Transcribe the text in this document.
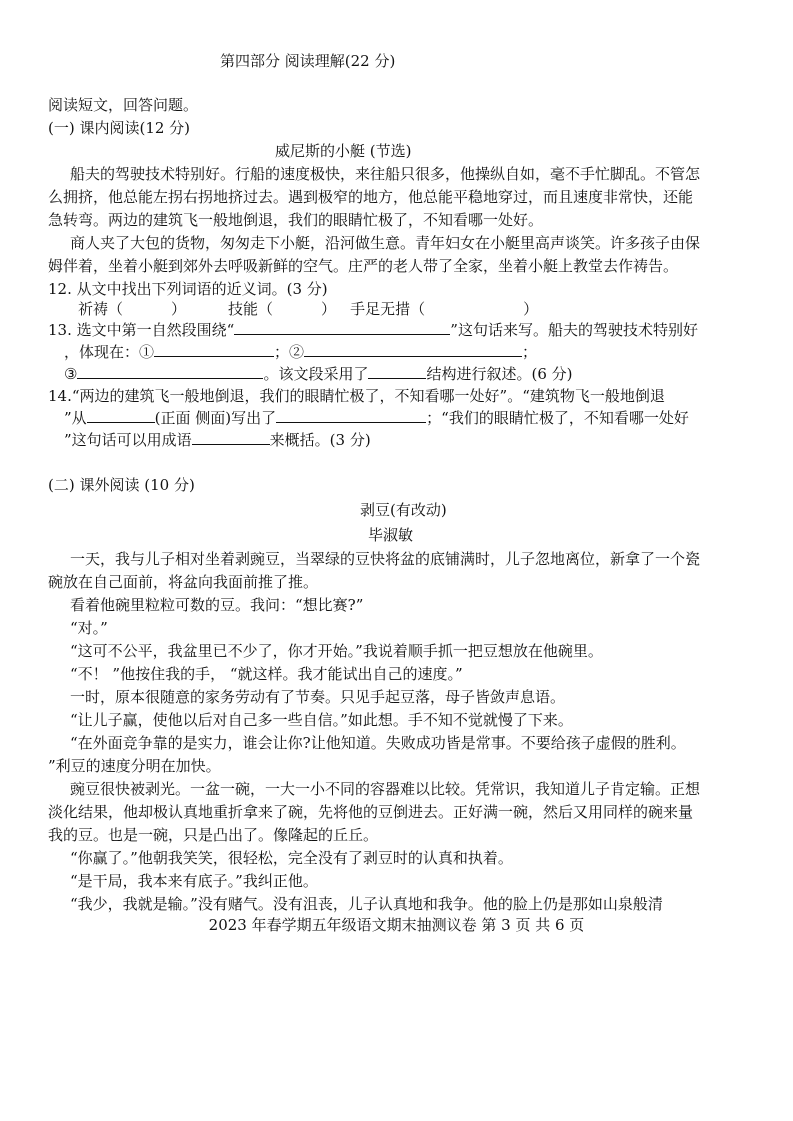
第四部分 阅读理解(22 分)
阅读短文，回答问题。
(一) 课内阅读(12 分)
威尼斯的小艇 (节选)
船夫的驾驶技术特别好。行船的速度极快，来往船只很多，他操纵自如，毫不手忙脚乱。不管怎
么拥挤，他总能左拐右拐地挤过去。遇到极窄的地方，他总能平稳地穿过，而且速度非常快，还能
急转弯。两边的建筑飞一般地倒退，我们的眼睛忙极了，不知看哪一处好。
商人夹了大包的货物，匆匆走下小艇，沿河做生意。青年妇女在小艇里高声谈笑。许多孩子由保
姆伴着，坐着小艇到郊外去呼吸新鲜的空气。庄严的老人带了全家，坐着小艇上教堂去作祷告。
12. 从文中找出下列词语的近义词。(3 分)
祈祷（	）	技能（	） 手足无措（	）
13. 选文中第一自然段围绕“	”这句话来写。船夫的驾驶技术特别好
，体现在：①	；②	；
③	。该文段采用了	结构进行叙述。(6 分)
14.“两边的建筑飞一般地倒退，我们的眼睛忙极了，不知看哪一处好”。“建筑物飞一般地倒退
”从	(正面 侧面)写出了	；“我们的眼睛忙极了，不知看哪一处好
”这句话可以用成语	来概括。(3 分)
(二) 课外阅读 (10 分)
剥豆(有改动)
毕淑敏
一天，我与儿子相对坐着剥豌豆，当翠绿的豆快将盆的底铺满时，儿子忽地离位，新拿了一个瓷
碗放在自己面前，将盆向我面前推了推。
看着他碗里粒粒可数的豆。我问：“想比赛?”
“对。”
“这可不公平，我盆里已不少了，你才开始。”我说着顺手抓一把豆想放在他碗里。
“不！ ”他按住我的手， “就这样。我才能试出自己的速度。”
一时，原本很随意的家务劳动有了节奏。只见手起豆落，母子皆敛声息语。
“让儿子赢，使他以后对自己多一些自信。”如此想。手不知不觉就慢了下来。
“在外面竞争靠的是实力，谁会让你?让他知道。失败成功皆是常事。不要给孩子虚假的胜利。
”利豆的速度分明在加快。
豌豆很快被剥光。一盆一碗，一大一小不同的容器难以比较。凭常识，我知道儿子肯定输。正想
淡化结果，他却极认真地重折拿来了碗，先将他的豆倒进去。正好满一碗，然后又用同样的碗来量
我的豆。也是一碗，只是凸出了。像隆起的丘丘。
“你赢了。”他朝我笑笑，很轻松，完全没有了剥豆时的认真和执着。
“是干局，我本来有底子。”我纠正他。
“我少，我就是输。”没有赌气。没有沮丧，儿子认真地和我争。他的脸上仍是那如山泉般清
2023 年春学期五年级语文期末抽测议卷 第 3 页 共 6 页
